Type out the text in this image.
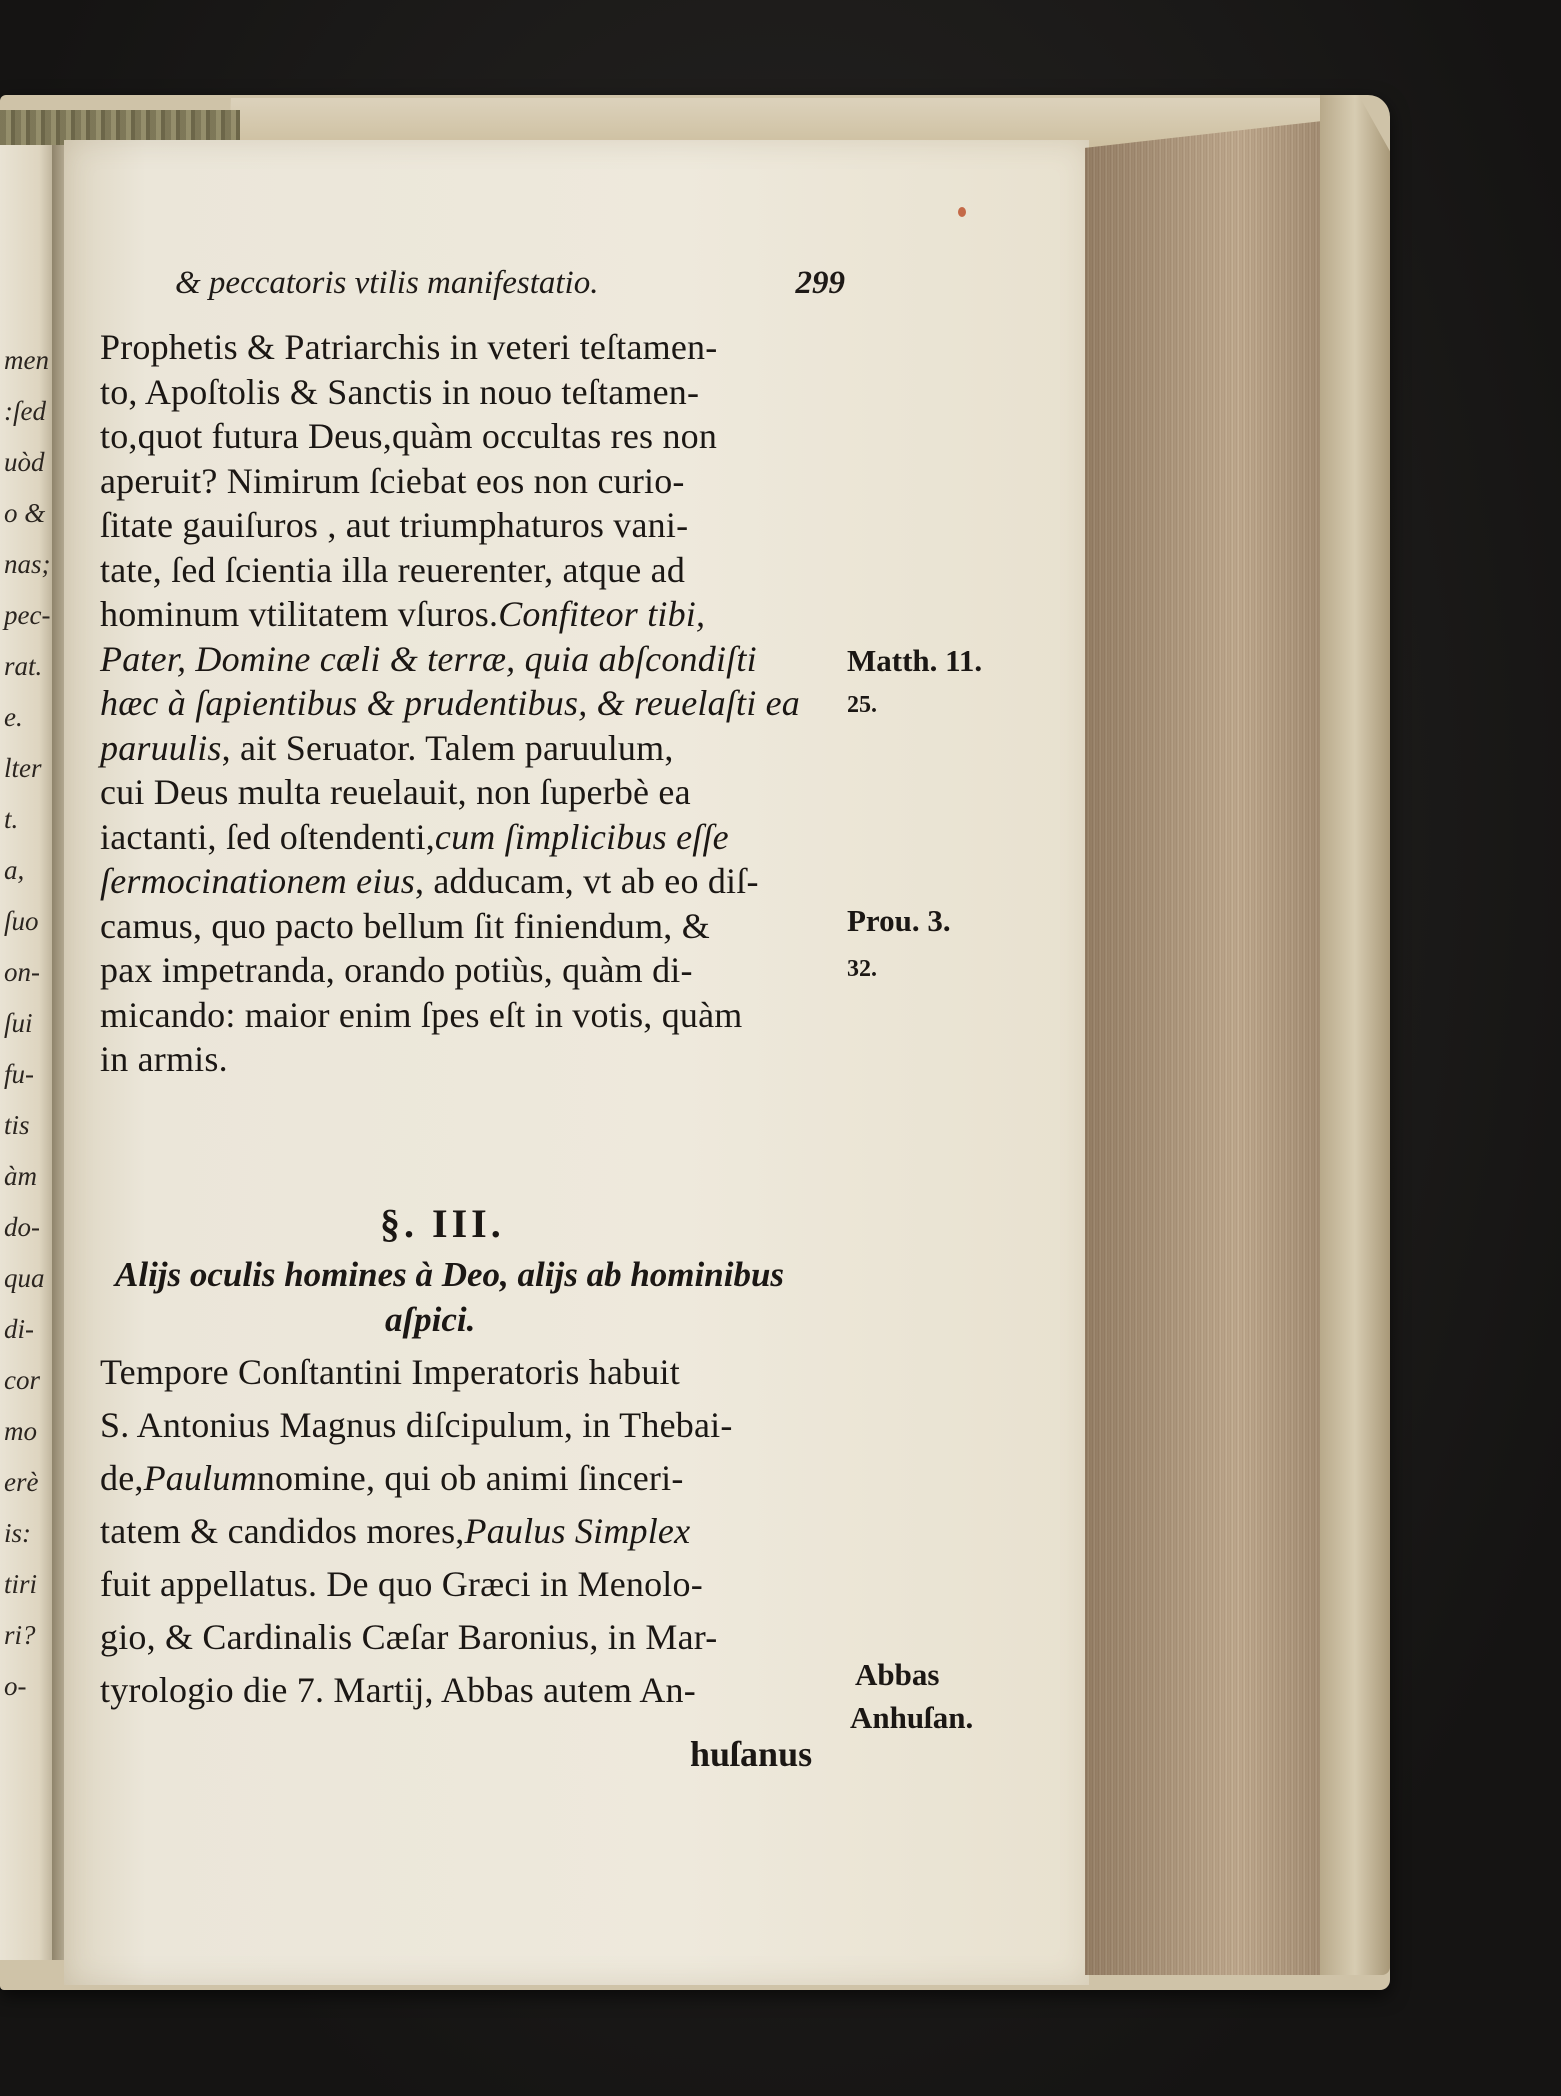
men
:ſed
uòd
o &
nas;
pec-
rat.
e.
lter
t.
a,
ſuo
on-
ſui
fu-
tis
àm
do-
qua
di-
cor
mo
erè
is:
tiri
ri?
o-
& peccatoris vtilis manifestatio.	299
Prophetis & Patriarchis in veteri teſtamen-
to, Apoſtolis & Sanctis in nouo teſtamen-
to,quot futura Deus,quàm occultas res non
aperuit? Nimirum ſciebat eos non curio-
ſitate gauiſuros , aut triumphaturos vani-
tate, ſed ſcientia illa reuerenter, atque ad
hominum vtilitatem vſuros.Confiteor tibi,
Pater, Domine cæli & terræ, quia abſcondiſti
hæc à ſapientibus & prudentibus, & reuelaſti ea
paruulis, ait Seruator. Talem paruulum,
cui Deus multa reuelauit, non ſuperbè ea
iactanti, ſed oſtendenti,cum ſimplicibus eſſe
ſermocinationem eius, adducam, vt ab eo diſ-
camus, quo pacto bellum ſit finiendum, &
pax impetranda, orando potiùs, quàm di-
micando: maior enim ſpes eſt in votis, quàm
in armis.
§. III.
Alijs oculis homines à Deo, alijs ab hominibus
aſpici.
Tempore Conſtantini Imperatoris habuit
S. Antonius Magnus diſcipulum, in Thebai-
de,Paulumnomine, qui ob animi ſinceri-
tatem & candidos mores,Paulus Simplex
fuit appellatus. De quo Græci in Menolo-
gio, & Cardinalis Cæſar Baronius, in Mar-
tyrologio die 7. Martij, Abbas autem An-
huſanus
Matth. 11.
25.
Prou. 3.
32.
Abbas
Anhuſan.
